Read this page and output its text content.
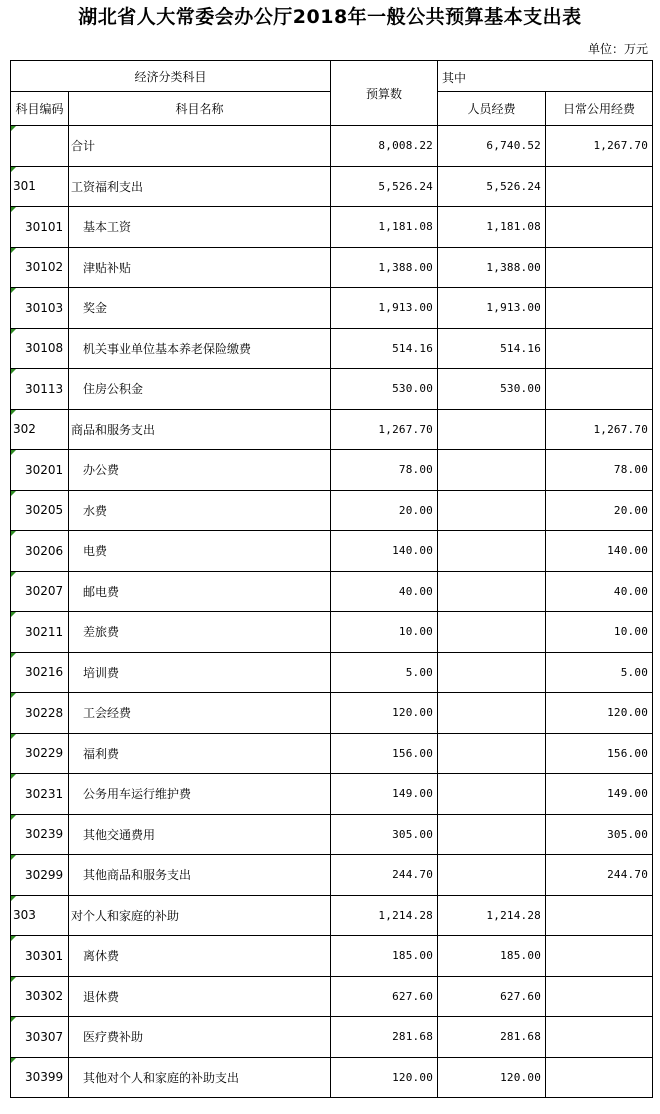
湖北省人大常委会办公厅2018年一般公共预算基本支出表
单位：万元
经济分类科目		预算数	其中	
科目编码	科目名称		人员经费	日常公用经费
	合计	8,008.22	6,740.52	1,267.70
301	工资福利支出	5,526.24	5,526.24	
30101	基本工资	1,181.08	1,181.08	
30102	津贴补贴	1,388.00	1,388.00	
30103	奖金	1,913.00	1,913.00	
30108	机关事业单位基本养老保险缴费	514.16	514.16	
30113	住房公积金	530.00	530.00	
302	商品和服务支出	1,267.70		1,267.70
30201	办公费	78.00		78.00
30205	水费	20.00		20.00
30206	电费	140.00		140.00
30207	邮电费	40.00		40.00
30211	差旅费	10.00		10.00
30216	培训费	5.00		5.00
30228	工会经费	120.00		120.00
30229	福利费	156.00		156.00
30231	公务用车运行维护费	149.00		149.00
30239	其他交通费用	305.00		305.00
30299	其他商品和服务支出	244.70		244.70
303	对个人和家庭的补助	1,214.28	1,214.28	
30301	离休费	185.00	185.00	
30302	退休费	627.60	627.60	
30307	医疗费补助	281.68	281.68	
30399	其他对个人和家庭的补助支出	120.00	120.00	
